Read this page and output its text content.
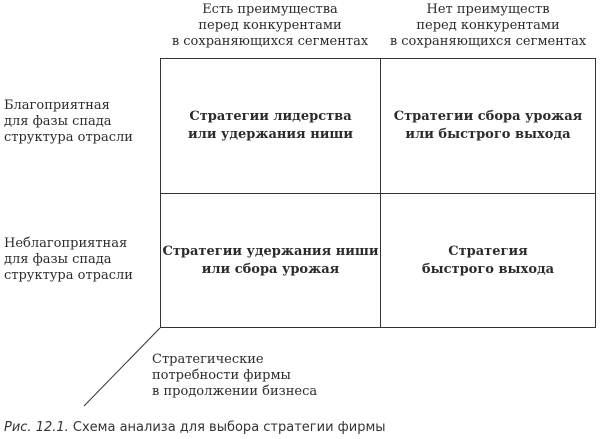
Есть преимущества
перед конкурентами
в сохраняющихся сегментах
Нет преимуществ
перед конкурентами
в сохраняющихся сегментах
Благоприятная
для фазы спада
структура отрасли
Неблагоприятная
для фазы спада
структура отрасли
Стратегии лидерства
или удержания ниши
Стратегии сбора урожая
или быстрого выхода
Стратегии удержания ниши
или сбора урожая
Стратегия
быстрого выхода
Стратегические
потребности фирмы
в продолжении бизнеса
Рис. 12.1. Схема анализа для выбора стратегии фирмы
